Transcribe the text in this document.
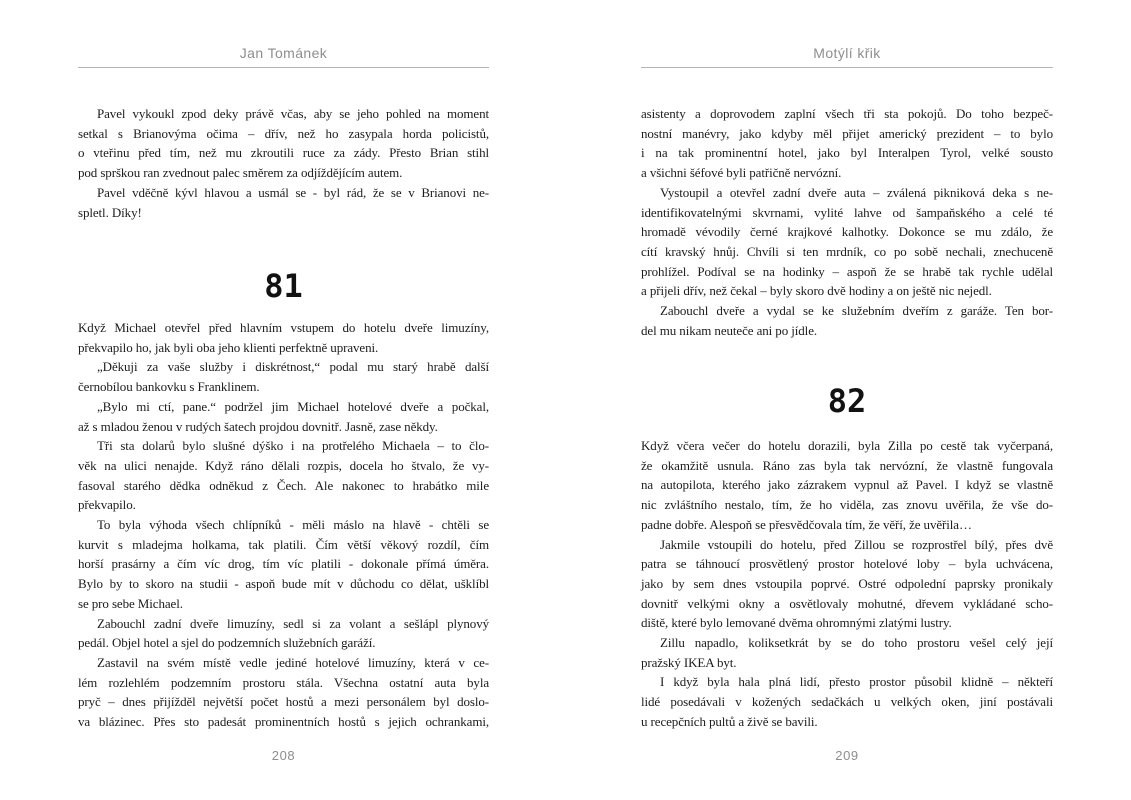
Jan Tománek
Pavel vykoukl zpod deky právě včas, aby se jeho pohled na moment
setkal s Brianovýma očima – dřív, než ho zasypala horda policistů,
o vteřinu před tím, než mu zkroutili ruce za zády. Přesto Brian stihl
pod sprškou ran zvednout palec směrem za odjíždějícím autem.
Pavel vděčně kývl hlavou a usmál se - byl rád, že se v Brianovi ne-
spletl. Díky!
81
Když Michael otevřel před hlavním vstupem do hotelu dveře limuzíny,
překvapilo ho, jak byli oba jeho klienti perfektně upraveni.
„Děkuji za vaše služby i diskrétnost,“ podal mu starý hrabě další
černobílou bankovku s Franklinem.
„Bylo mi ctí, pane.“ podržel jim Michael hotelové dveře a počkal,
až s mladou ženou v rudých šatech projdou dovnitř. Jasně, zase někdy.
Tři sta dolarů bylo slušné dýško i na protřelého Michaela – to člo-
věk na ulici nenajde. Když ráno dělali rozpis, docela ho štvalo, že vy-
fasoval starého dědka odněkud z Čech. Ale nakonec to hrabátko mile
překvapilo.
To byla výhoda všech chlípníků - měli máslo na hlavě - chtěli se
kurvit s mladejma holkama, tak platili. Čím větší věkový rozdíl, čím
horší prasárny a čím víc drog, tím víc platili - dokonale přímá úměra.
Bylo by to skoro na studii - aspoň bude mít v důchodu co dělat, ušklíbl
se pro sebe Michael.
Zabouchl zadní dveře limuzíny, sedl si za volant a sešlápl plynový
pedál. Objel hotel a sjel do podzemních služebních garáží.
Zastavil na svém místě vedle jediné hotelové limuzíny, která v ce-
lém rozlehlém podzemním prostoru stála. Všechna ostatní auta byla
pryč – dnes přijížděl největší počet hostů a mezi personálem byl doslo-
va blázinec. Přes sto padesát prominentních hostů s jejich ochrankami,
208
Motýlí křik
asistenty a doprovodem zaplní všech tři sta pokojů. Do toho bezpeč-
nostní manévry, jako kdyby měl přijet americký prezident – to bylo
i na tak prominentní hotel, jako byl Interalpen Tyrol, velké sousto
a všichni šéfové byli patřičně nervózní.
Vystoupil a otevřel zadní dveře auta – zválená pikniková deka s ne-
identifikovatelnými skvrnami, vylité lahve od šampaňského a celé té
hromadě vévodily černé krajkové kalhotky. Dokonce se mu zdálo, že
cítí kravský hnůj. Chvíli si ten mrdník, co po sobě nechali, znechuceně
prohlížel. Podíval se na hodinky – aspoň že se hrabě tak rychle udělal
a přijeli dřív, než čekal – byly skoro dvě hodiny a on ještě nic nejedl.
Zabouchl dveře a vydal se ke služebním dveřím z garáže. Ten bor-
del mu nikam neuteče ani po jídle.
82
Když včera večer do hotelu dorazili, byla Zilla po cestě tak vyčerpaná,
že okamžitě usnula. Ráno zas byla tak nervózní, že vlastně fungovala
na autopilota, kterého jako zázrakem vypnul až Pavel. I když se vlastně
nic zvláštního nestalo, tím, že ho viděla, zas znovu uvěřila, že vše do-
padne dobře. Alespoň se přesvědčovala tím, že věří, že uvěřila…
Jakmile vstoupili do hotelu, před Zillou se rozprostřel bílý, přes dvě
patra se táhnoucí prosvětlený prostor hotelové loby – byla uchvácena,
jako by sem dnes vstoupila poprvé. Ostré odpolední paprsky pronikaly
dovnitř velkými okny a osvětlovaly mohutné, dřevem vykládané scho-
diště, které bylo lemované dvěma ohromnými zlatými lustry.
Zillu napadlo, koliksetkrát by se do toho prostoru vešel celý její
pražský IKEA byt.
I když byla hala plná lidí, přesto prostor působil klidně – někteří
lidé posedávali v kožených sedačkách u velkých oken, jiní postávali
u recepčních pultů a živě se bavili.
209
